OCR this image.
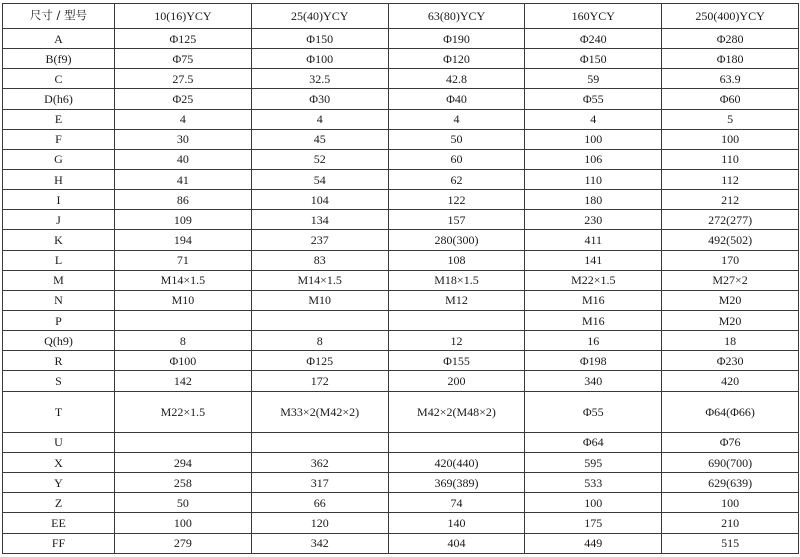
尺寸 / 型号	10(16)YCY	25(40)YCY	63(80)YCY	160YCY	250(400)YCY
A	Φ125	Φ150	Φ190	Φ240	Φ280
B(f9)	Φ75	Φ100	Φ120	Φ150	Φ180
C	27.5	32.5	42.8	59	63.9
D(h6)	Φ25	Φ30	Φ40	Φ55	Φ60
E	4	4	4	4	5
F	30	45	50	100	100
G	40	52	60	106	110
H	41	54	62	110	112
I	86	104	122	180	212
J	109	134	157	230	272(277)
K	194	237	280(300)	411	492(502)
L	71	83	108	141	170
M	M14×1.5	M14×1.5	M18×1.5	M22×1.5	M27×2
N	M10	M10	M12	M16	M20
P				M16	M20
Q(h9)	8	8	12	16	18
R	Φ100	Φ125	Φ155	Φ198	Φ230
S	142	172	200	340	420
T	M22×1.5	M33×2(M42×2)	M42×2(M48×2)	Φ55	Φ64(Φ66)
U				Φ64	Φ76
X	294	362	420(440)	595	690(700)
Y	258	317	369(389)	533	629(639)
Z	50	66	74	100	100
EE	100	120	140	175	210
FF	279	342	404	449	515
